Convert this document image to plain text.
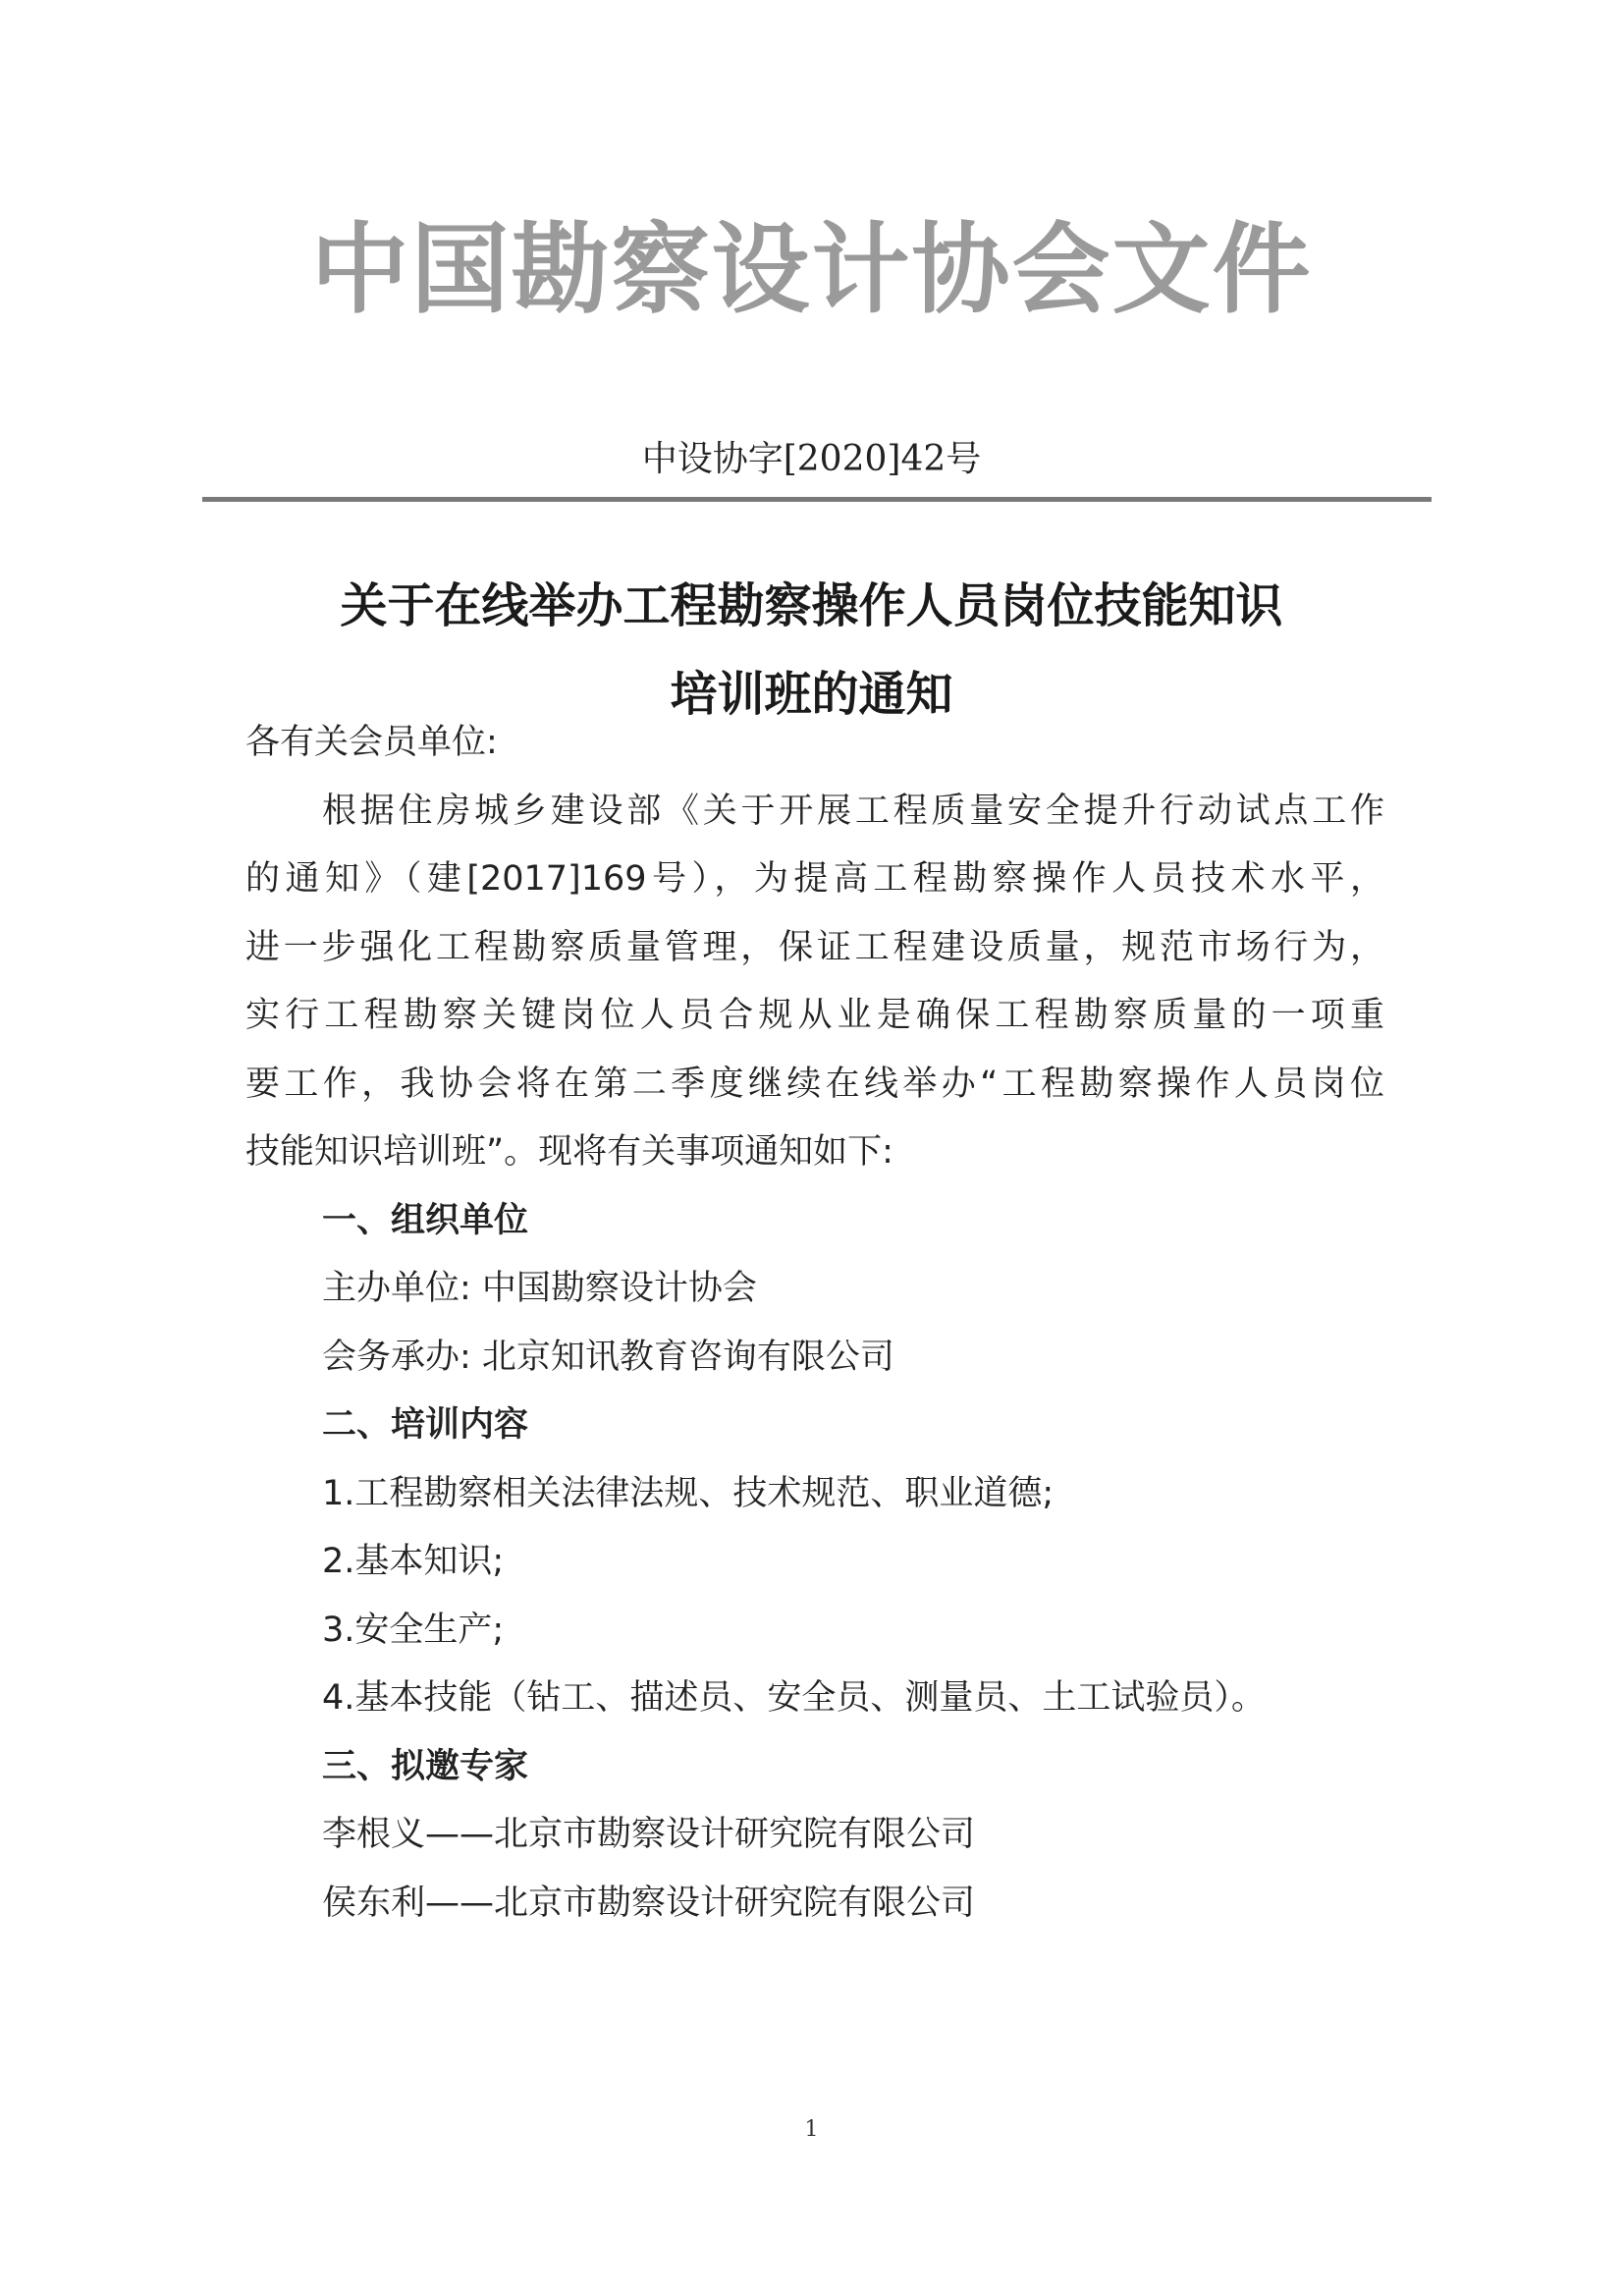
中国勘察设计协会文件
中设协字[2020]42号
关于在线举办工程勘察操作人员岗位技能知识
培训班的通知

各有关会员单位:

根据住房城乡建设部《关于开展工程质量安全提升行动试点工作
的通知》（建[2017]169号），为提高工程勘察操作人员技术水平，
进一步强化工程勘察质量管理，保证工程建设质量，规范市场行为，
实行工程勘察关键岗位人员合规从业是确保工程勘察质量的一项重
要工作，我协会将在第二季度继续在线举办“工程勘察操作人员岗位
技能知识培训班”。现将有关事项通知如下:

一、组织单位

主办单位: 中国勘察设计协会

会务承办: 北京知讯教育咨询有限公司

二、培训内容

1.工程勘察相关法律法规、技术规范、职业道德;

2.基本知识;

3.安全生产;

4.基本技能（钻工、描述员、安全员、测量员、土工试验员）。

三、拟邀专家

李根义——北京市勘察设计研究院有限公司

侯东利——北京市勘察设计研究院有限公司

1
